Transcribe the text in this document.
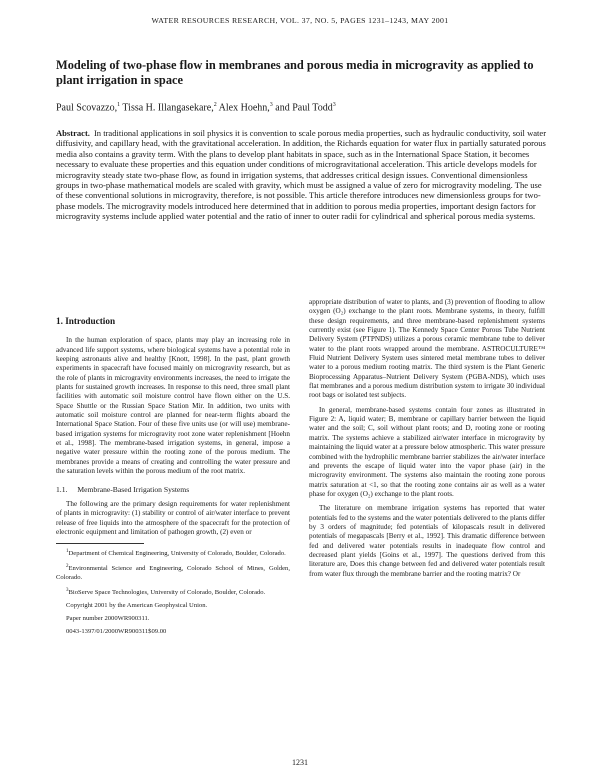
WATER RESOURCES RESEARCH, VOL. 37, NO. 5, PAGES 1231–1243, MAY 2001
Modeling of two-phase flow in membranes and porous media in microgravity as applied to plant irrigation in space
Paul Scovazzo,$^1$ Tissa H. Illangasekare,$^2$ Alex Hoehn,$^3$ and Paul Todd$^3$

Abstract. In traditional applications in soil physics it is convention to scale porous media properties, such as hydraulic conductivity, soil water diffusivity, and capillary head, with the gravitational acceleration. In addition, the Richards equation for water flux in partially saturated porous media also contains a gravity term. With the plans to develop plant habitats in space, such as in the International Space Station, it becomes necessary to evaluate these properties and this equation under conditions of microgravitational acceleration. This article develops models for microgravity steady state two-phase flow, as found in irrigation systems, that addresses critical design issues. Conventional dimensionless groups in two-phase mathematical models are scaled with gravity, which must be assigned a value of zero for microgravity modeling. The use of these conventional solutions in microgravity, therefore, is not possible. This article therefore introduces new dimensionless groups for two-phase models. The microgravity models introduced here determined that in addition to porous media properties, important design factors for microgravity systems include applied water potential and the ratio of inner to outer radii for cylindrical and spherical porous media systems.

1. Introduction

In the human exploration of space, plants may play an increasing role in advanced life support systems, where biological systems have a potential role in keeping astronauts alive and healthy [Knott, 1998]. In the past, plant growth experiments in spacecraft have focused mainly on microgravity research, but as the role of plants in microgravity environments increases, the need to irrigate the plants for sustained growth increases. In response to this need, three small plant facilities with automatic soil moisture control have flown either on the U.S. Space Shuttle or the Russian Space Station Mir. In addition, two units with automatic soil moisture control are planned for near-term flights aboard the International Space Station. Four of these five units use (or will use) membrane-based irrigation systems for microgravity root zone water replenishment [Hoehn et al., 1998]. The membrane-based irrigation systems, in general, impose a negative water pressure within the rooting zone of the porous medium. The membranes provide a means of creating and controlling the water pressure and the saturation levels within the porous medium of the root matrix.

1.1. Membrane-Based Irrigation Systems

The following are the primary design requirements for water replenishment of plants in microgravity: (1) stability or control of air/water interface to prevent release of free liquids into the atmosphere of the spacecraft for the protection of electronic equipment and limitation of pathogen growth, (2) even or

$^1$Department of Chemical Engineering, University of Colorado, Boulder, Colorado.

$^2$Environmental Science and Engineering, Colorado School of Mines, Golden, Colorado.

$^3$BioServe Space Technologies, University of Colorado, Boulder, Colorado.

Copyright 2001 by the American Geophysical Union.

Paper number 2000WR900311.

0043-1397/01/2000WR900311$09.00

appropriate distribution of water to plants, and (3) prevention of flooding to allow oxygen (O₂) exchange to the plant roots. Membrane systems, in theory, fulfill these design requirements, and three membrane-based replenishment systems currently exist (see Figure 1). The Kennedy Space Center Porous Tube Nutrient Delivery System (PTPNDS) utilizes a porous ceramic membrane tube to deliver water to the plant roots wrapped around the membrane. ASTROCULTURE™ Fluid Nutrient Delivery System uses sintered metal membrane tubes to deliver water to a porous medium rooting matrix. The third system is the Plant Generic Bioprocessing Apparatus–Nutrient Delivery System (PGBA-NDS), which uses flat membranes and a porous medium distribution system to irrigate 30 individual root bags or isolated test subjects.

In general, membrane-based systems contain four zones as illustrated in Figure 2: A, liquid water; B, membrane or capillary barrier between the liquid water and the soil; C, soil without plant roots; and D, rooting zone or rooting matrix. The systems achieve a stabilized air/water interface in microgravity by maintaining the liquid water at a pressure below atmospheric. This water pressure combined with the hydrophilic membrane barrier stabilizes the air/water interface and prevents the escape of liquid water into the vapor phase (air) in the microgravity environment. The systems also maintain the rooting zone porous matrix saturation at <1, so that the rooting zone contains air as well as a water phase for oxygen (O₂) exchange to the plant roots.

The literature on membrane irrigation systems has reported that water potentials fed to the systems and the water potentials delivered to the plants differ by 3 orders of magnitude; fed potentials of kilopascals result in delivered potentials of megapascals [Berry et al., 1992]. This dramatic difference between fed and delivered water potentials results in inadequate flow control and decreased plant yields [Goins et al., 1997]. The questions derived from this literature are, Does this change between fed and delivered water potentials result from water flux through the membrane barrier and the rooting matrix? Or

1231
